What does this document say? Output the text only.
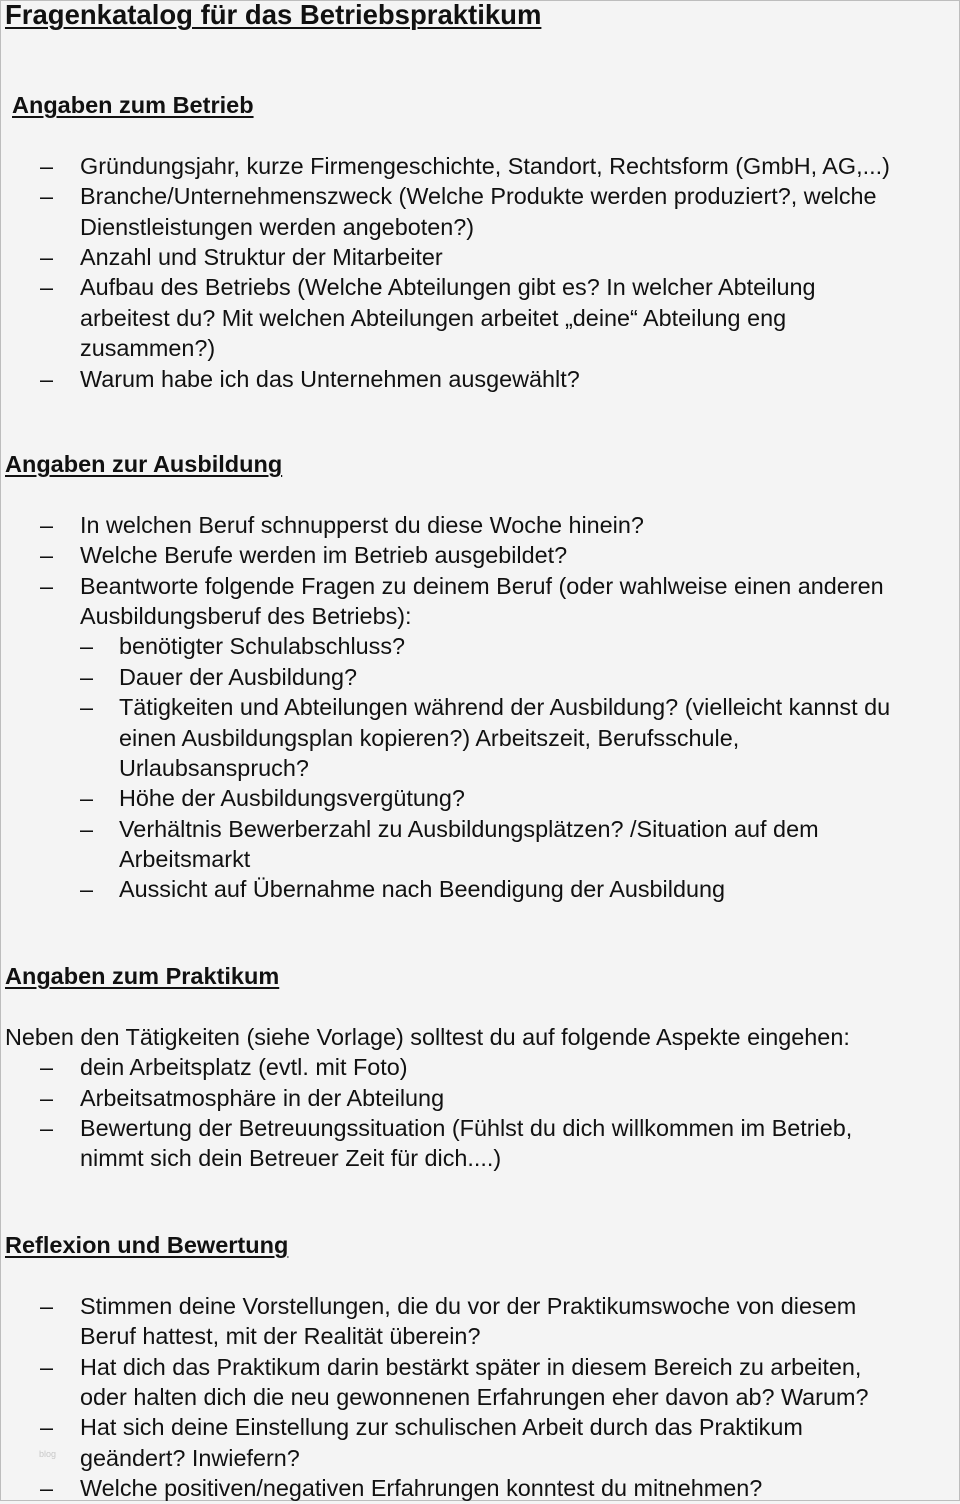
Fragenkatalog für das Betriebspraktikum
Angaben zum Betrieb
– Gründungsjahr, kurze Firmengeschichte, Standort, Rechtsform (GmbH, AG,...)
– Branche/Unternehmenszweck (Welche Produkte werden produziert?, welche
Dienstleistungen werden angeboten?)
– Anzahl und Struktur der Mitarbeiter
– Aufbau des Betriebs (Welche Abteilungen gibt es? In welcher Abteilung
arbeitest du? Mit welchen Abteilungen arbeitet „deine“ Abteilung eng
zusammen?)
– Warum habe ich das Unternehmen ausgewählt?
Angaben zur Ausbildung
– In welchen Beruf schnupperst du diese Woche hinein?
– Welche Berufe werden im Betrieb ausgebildet?
– Beantworte folgende Fragen zu deinem Beruf (oder wahlweise einen anderen
Ausbildungsberuf des Betriebs):
– benötigter Schulabschluss?
– Dauer der Ausbildung?
– Tätigkeiten und Abteilungen während der Ausbildung? (vielleicht kannst du
einen Ausbildungsplan kopieren?) Arbeitszeit, Berufsschule,
Urlaubsanspruch?
– Höhe der Ausbildungsvergütung?
– Verhältnis Bewerberzahl zu Ausbildungsplätzen? /Situation auf dem
Arbeitsmarkt
– Aussicht auf Übernahme nach Beendigung der Ausbildung
Angaben zum Praktikum
Neben den Tätigkeiten (siehe Vorlage) solltest du auf folgende Aspekte eingehen:
– dein Arbeitsplatz (evtl. mit Foto)
– Arbeitsatmosphäre in der Abteilung
– Bewertung der Betreuungssituation (Fühlst du dich willkommen im Betrieb,
nimmt sich dein Betreuer Zeit für dich....)
Reflexion und Bewertung
– Stimmen deine Vorstellungen, die du vor der Praktikumswoche von diesem
Beruf hattest, mit der Realität überein?
– Hat dich das Praktikum darin bestärkt später in diesem Bereich zu arbeiten,
oder halten dich die neu gewonnenen Erfahrungen eher davon ab? Warum?
– Hat sich deine Einstellung zur schulischen Arbeit durch das Praktikum
geändert? Inwiefern?
– Welche positiven/negativen Erfahrungen konntest du mitnehmen?
blog
